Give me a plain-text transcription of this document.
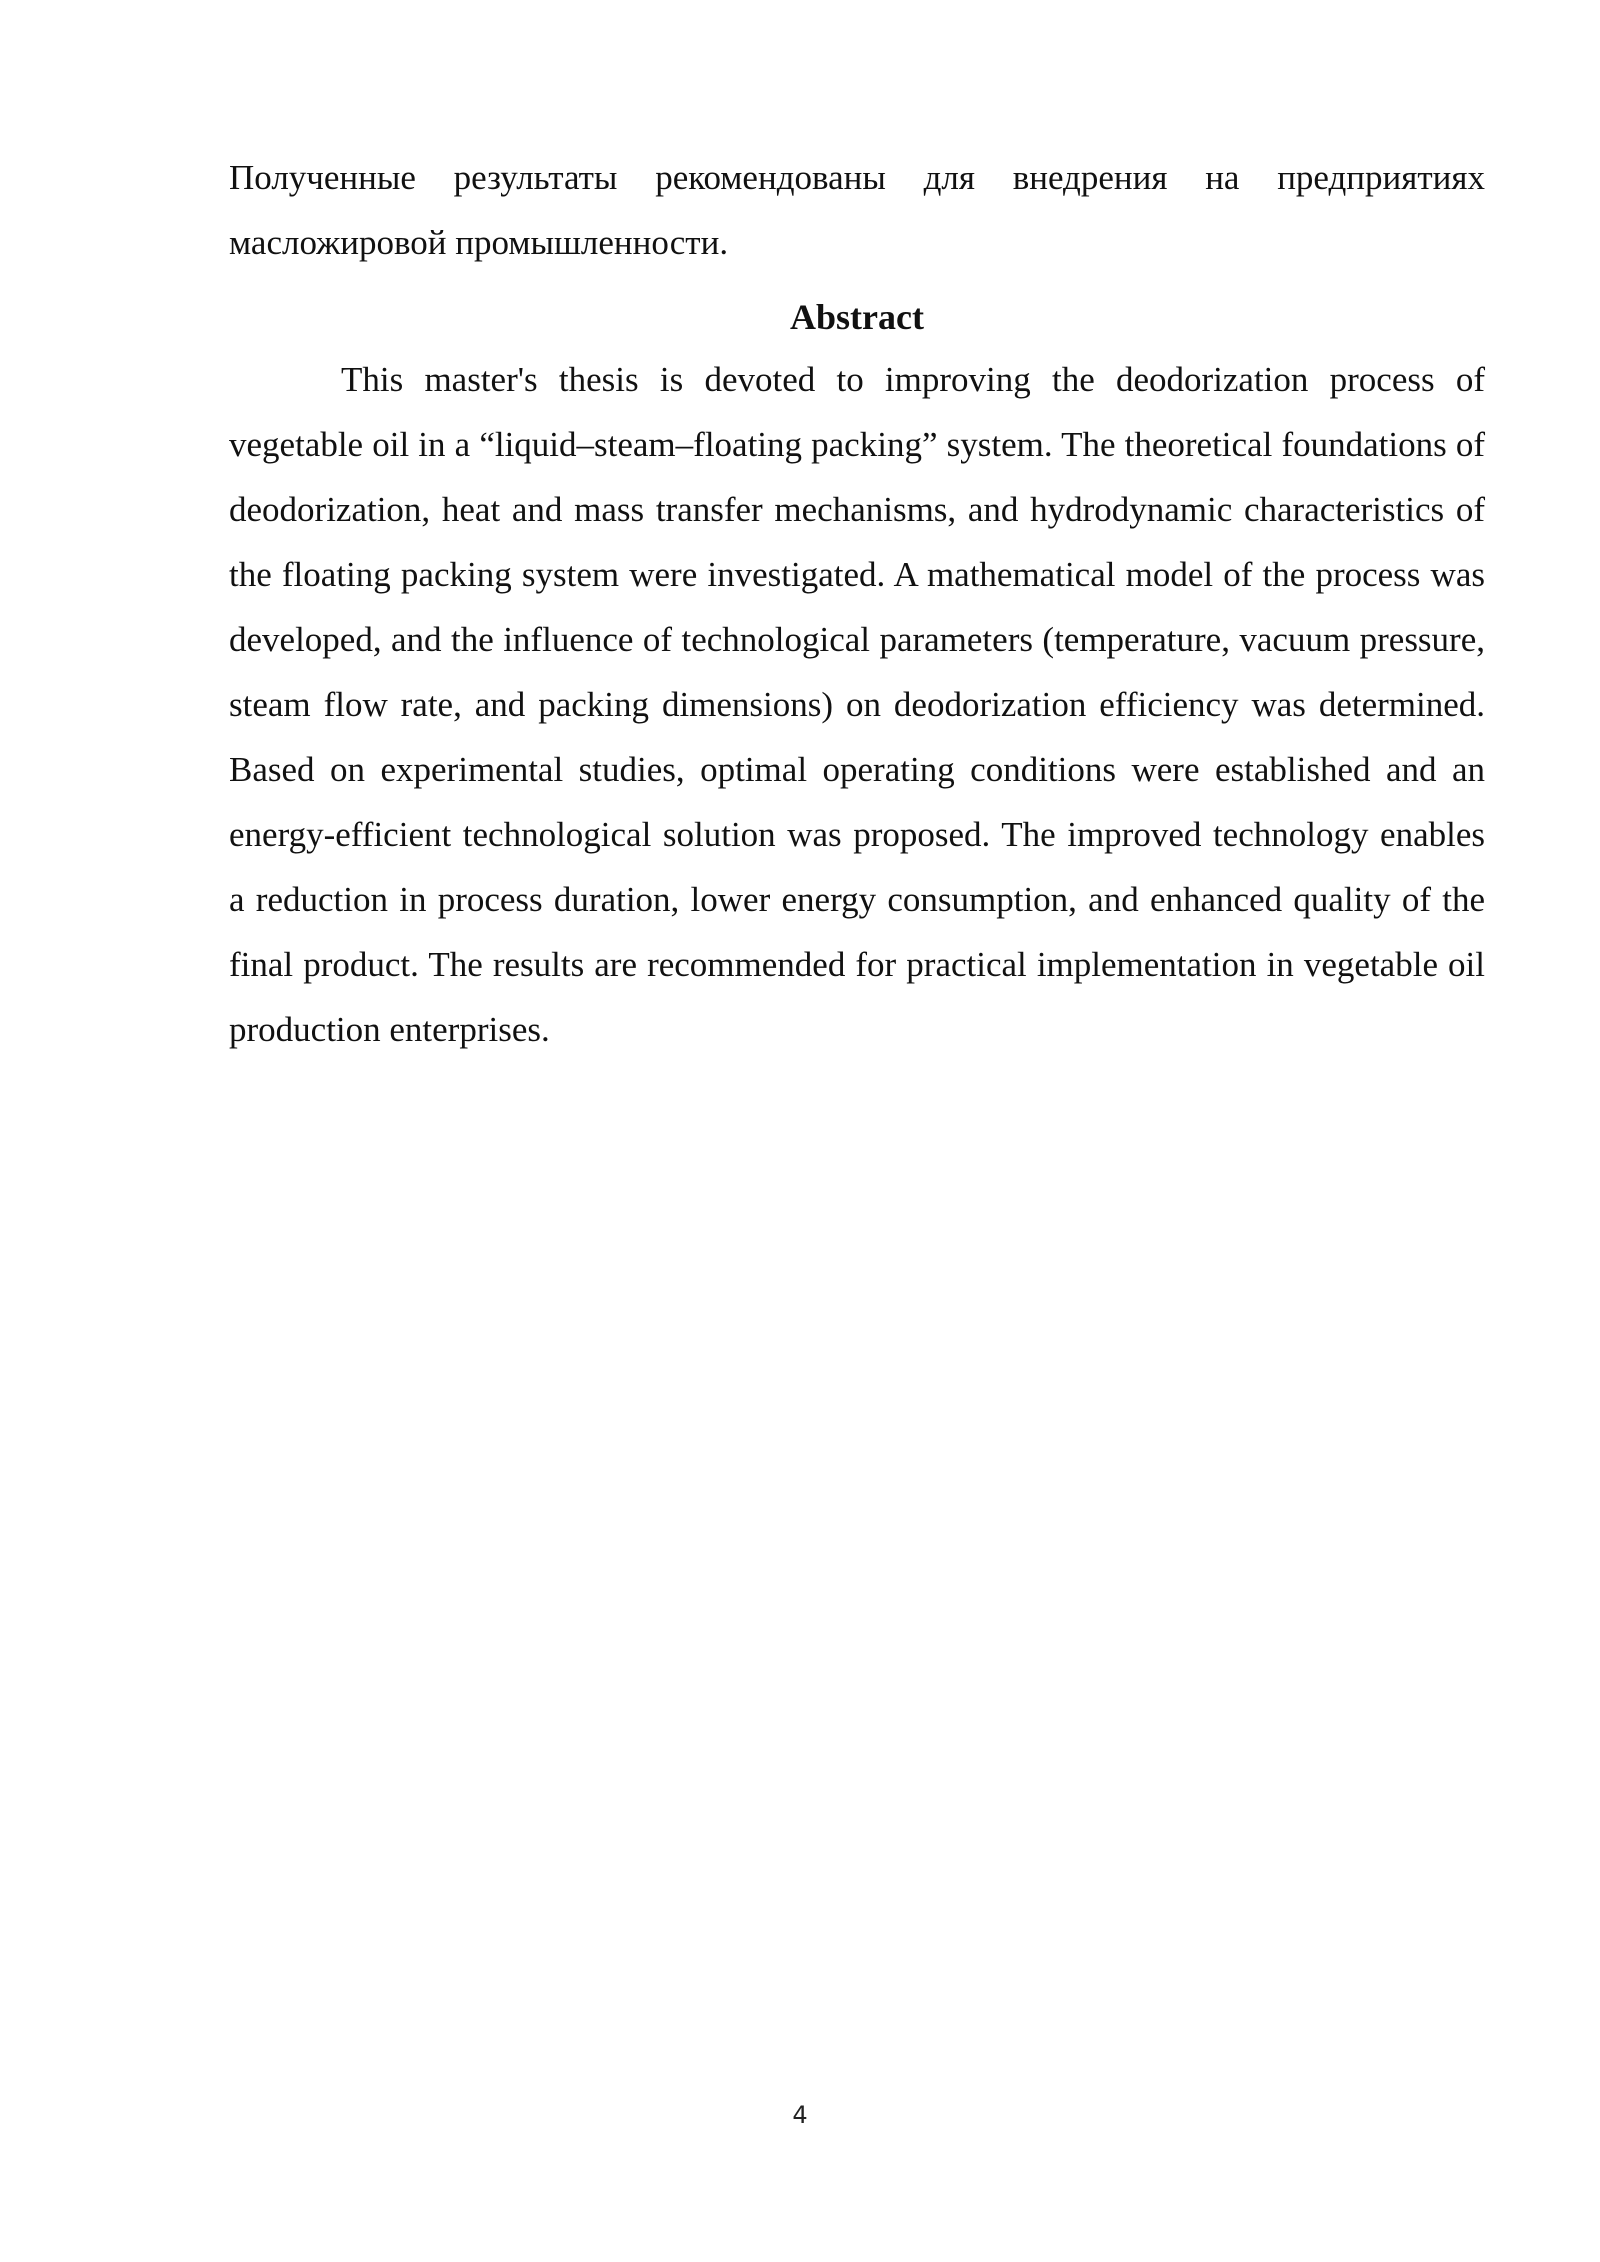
Полученные результаты рекомендованы для внедрения на предприятиях масложировой промышленности.

Abstract

This master's thesis is devoted to improving the deodorization process of vegetable oil in a “liquid–steam–floating packing” system. The theoretical foundations of deodorization, heat and mass transfer mechanisms, and hydrodynamic characteristics of the floating packing system were investigated. A mathematical model of the process was developed, and the influence of technological parameters (temperature, vacuum pressure, steam flow rate, and packing dimensions) on deodorization efficiency was determined. Based on experimental studies, optimal operating conditions were established and an energy-efficient technological solution was proposed. The improved technology enables a reduction in process duration, lower energy consumption, and enhanced quality of the final product. The results are recommended for practical implementation in vegetable oil production enterprises.

4
